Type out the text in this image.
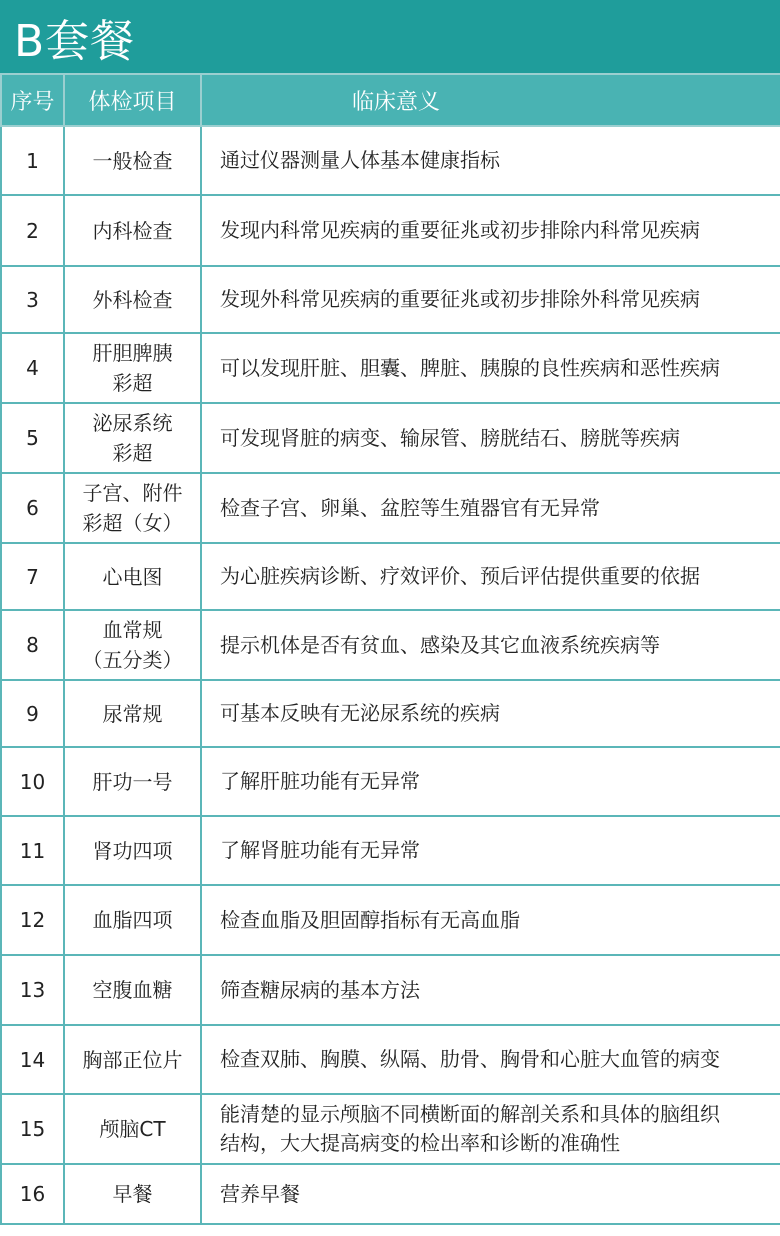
B套餐
序号	体检项目	临床意义
1	一般检查	通过仪器测量人体基本健康指标

2	内科检查	发现内科常见疾病的重要征兆或初步排除内科常见疾病

3	外科检查	发现外科常见疾病的重要征兆或初步排除外科常见疾病

4	肝胆脾胰
彩超	可以发现肝脏、胆囊、脾脏、胰腺的良性疾病和恶性疾病

5	泌尿系统
彩超	可发现肾脏的病变、输尿管、膀胱结石、膀胱等疾病

6	子宫、附件
彩超（女）	检查子宫、卵巢、盆腔等生殖器官有无异常

7	心电图	为心脏疾病诊断、疗效评价、预后评估提供重要的依据

8	血常规
（五分类）	提示机体是否有贫血、感染及其它血液系统疾病等

9	尿常规	可基本反映有无泌尿系统的疾病

10	肝功一号	了解肝脏功能有无异常

11	肾功四项	了解肾脏功能有无异常

12	血脂四项	检查血脂及胆固醇指标有无高血脂

13	空腹血糖	筛查糖尿病的基本方法

14	胸部正位片	检查双肺、胸膜、纵隔、肋骨、胸骨和心脏大血管的病变

15	颅脑CT	能清楚的显示颅脑不同横断面的解剖关系和具体的脑组织
结构，大大提高病变的检出率和诊断的准确性

16	早餐	营养早餐
